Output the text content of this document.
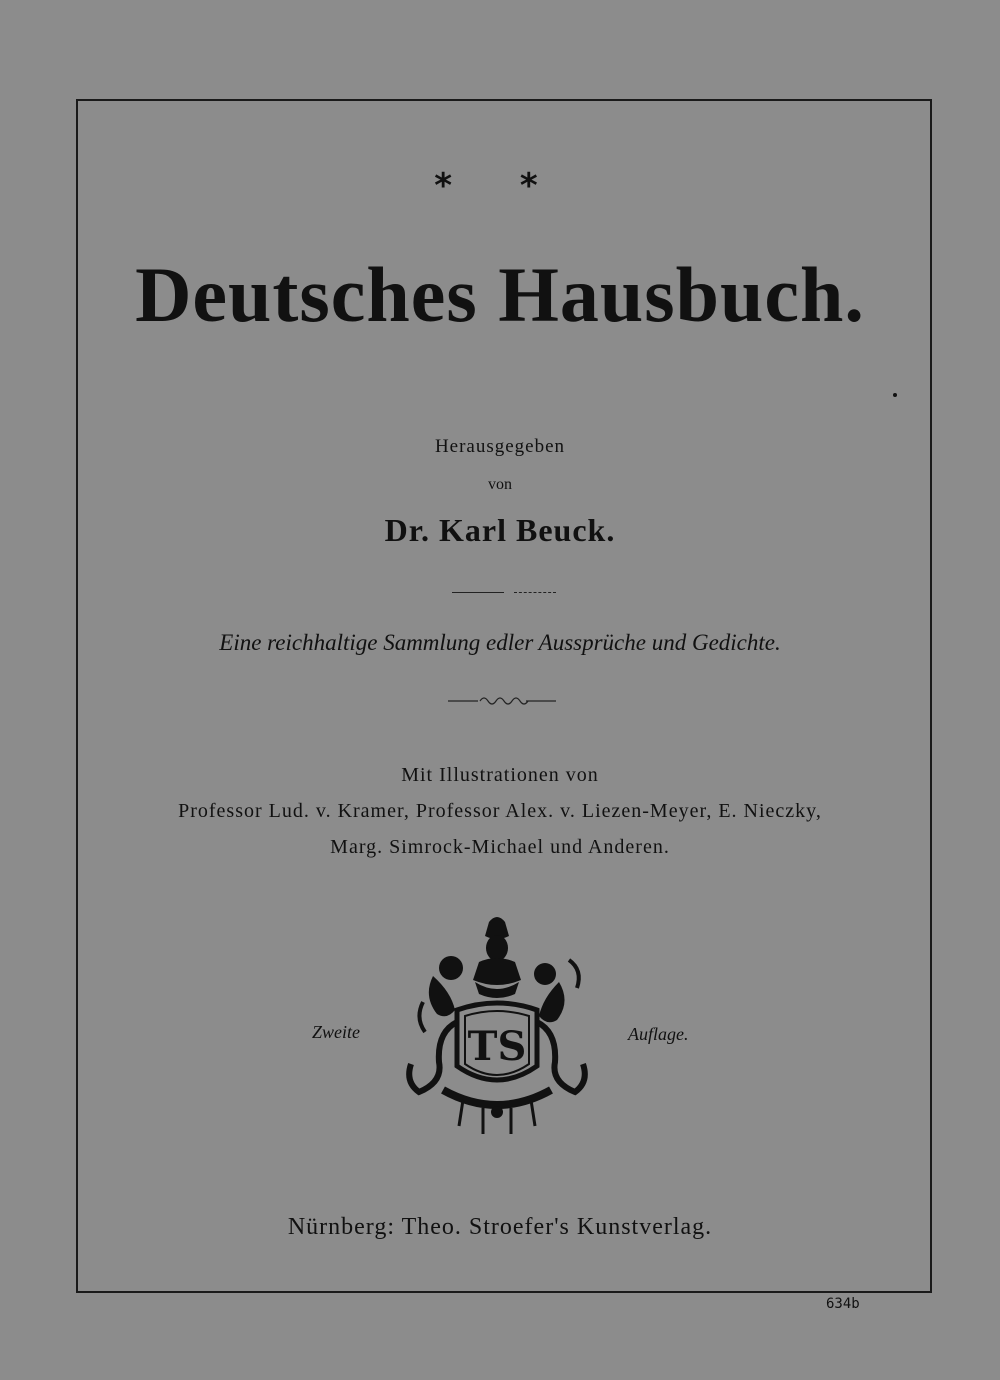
* *
Deutsches Hausbuch.
Herausgegeben
von
Dr. Karl Beuck.
Eine reichhaltige Sammlung edler Aussprüche und Gedichte.
Mit Illustrationen von
Professor Lud. v. Kramer, Professor Alex. v. Liezen-Meyer, E. Nieczky,
Marg. Simrock-Michael und Anderen.
Zweite	Auflage.
TS
Nürnberg: Theo. Stroefer's Kunstverlag.
634b
